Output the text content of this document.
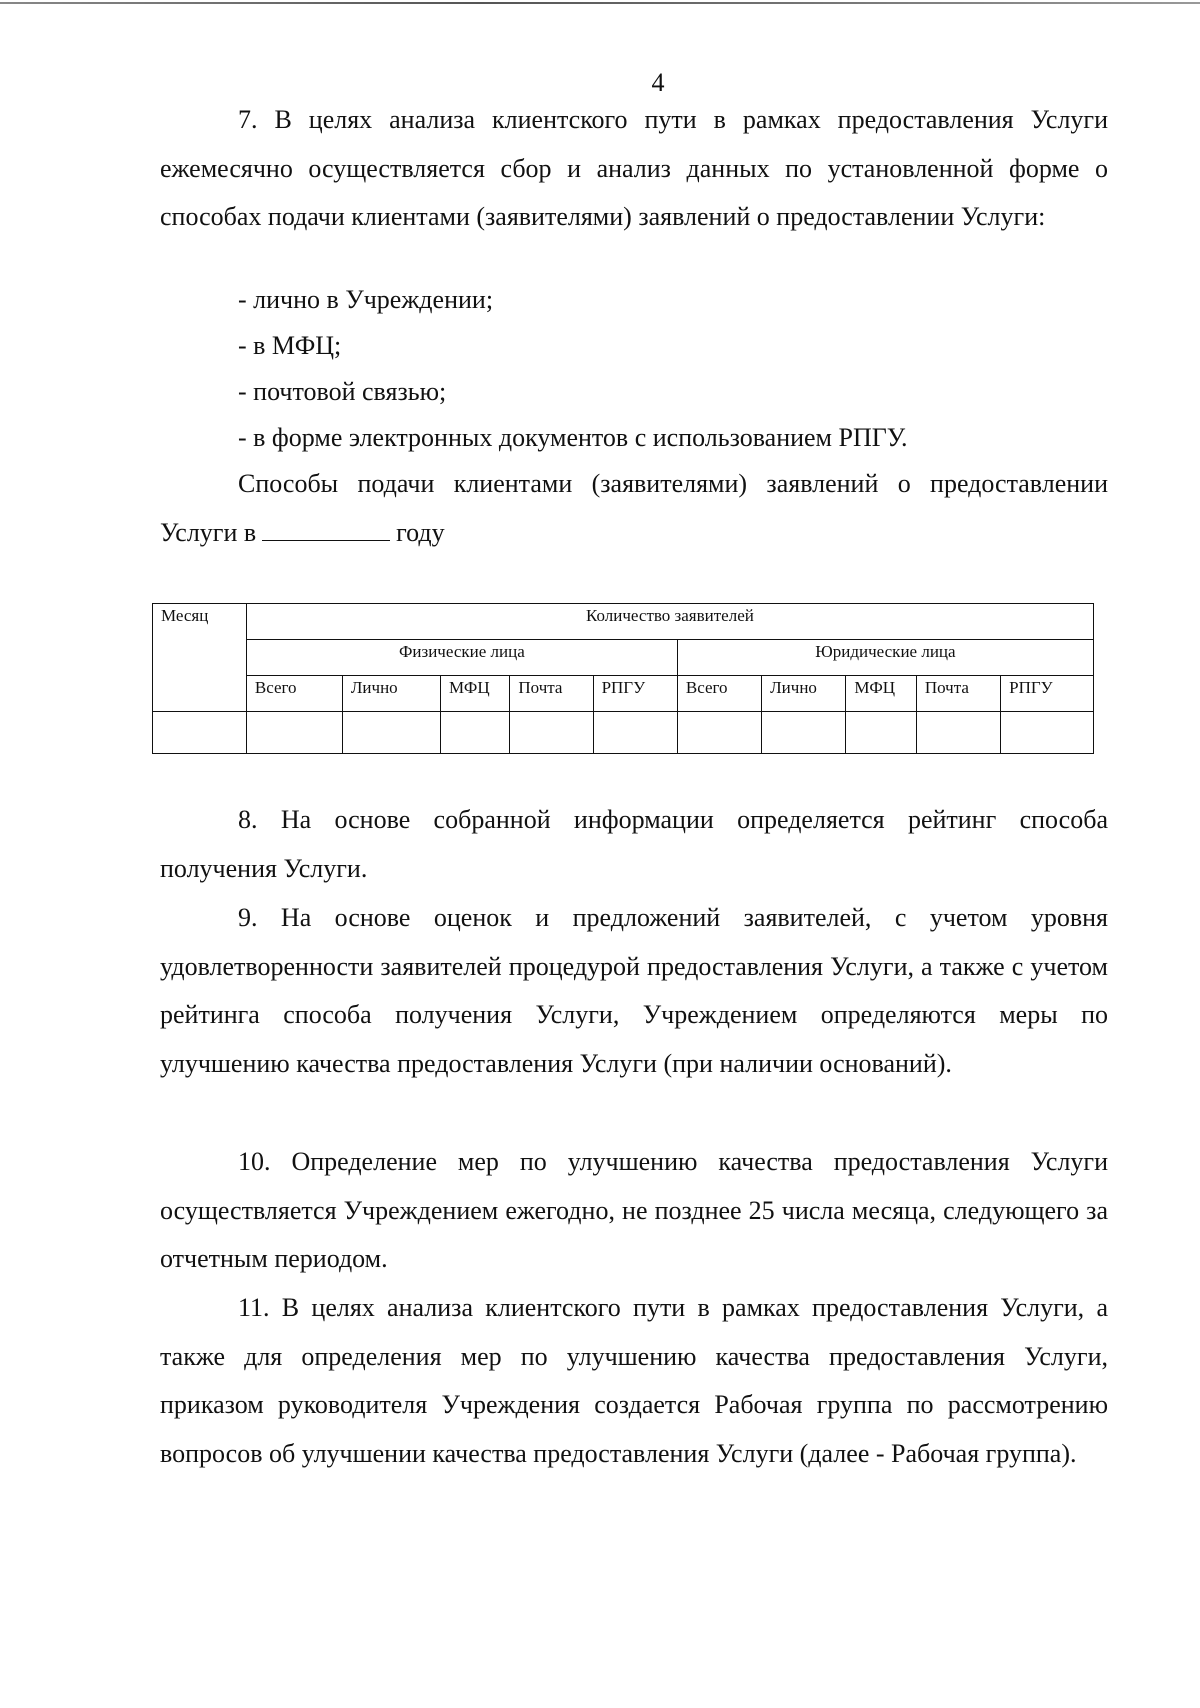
4

7. В целях анализа клиентского пути в рамках предоставления Услуги ежемесячно осуществляется сбор и анализ данных по установленной форме о способах подачи клиентами (заявителями) заявлений о предоставлении Услуги:

- лично в Учреждении;

- в МФЦ;

- почтовой связью;

- в форме электронных документов с использованием РПГУ.

Способы подачи клиентами (заявителями) заявлений о предоставлении Услуги в	году

Месяц	Количество заявителей									
	Физические лица					Юридические лица				
	Всего	Лично	МФЦ	Почта	РПГУ	Всего	Лично	МФЦ	Почта	РПГУ

8. На основе собранной информации определяется рейтинг способа получения Услуги.

9. На основе оценок и предложений заявителей, с учетом уровня удовлетворенности заявителей процедурой предоставления Услуги, а также с учетом рейтинга способа получения Услуги, Учреждением определяются меры по улучшению качества предоставления Услуги (при наличии оснований).

10. Определение мер по улучшению качества предоставления Услуги осуществляется Учреждением ежегодно, не позднее 25 числа месяца, следующего за отчетным периодом.

11. В целях анализа клиентского пути в рамках предоставления Услуги, а также для определения мер по улучшению качества предоставления Услуги, приказом руководителя Учреждения создается Рабочая группа по рассмотрению вопросов об улучшении качества предоставления Услуги (далее - Рабочая группа).
